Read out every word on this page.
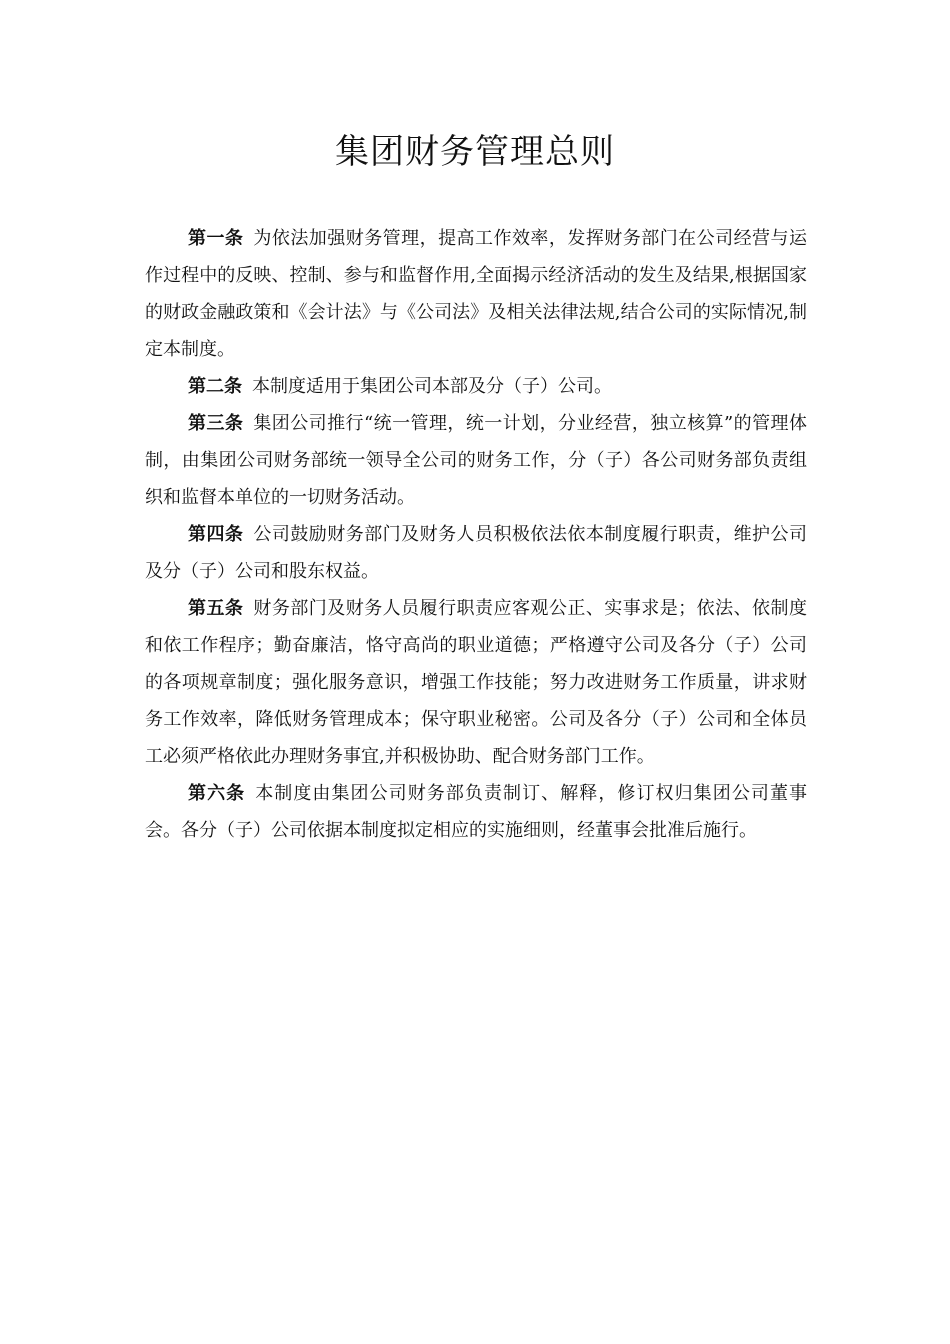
集团财务管理总则

第一条 为依法加强财务管理，提高工作效率，发挥财务部门在公司经营与运作过程中的反映、控制、参与和监督作用,全面揭示经济活动的发生及结果,根据国家的财政金融政策和《会计法》与《公司法》及相关法律法规,结合公司的实际情况,制定本制度。

第二条 本制度适用于集团公司本部及分（子）公司。

第三条 集团公司推行“统一管理，统一计划，分业经营，独立核算”的管理体制，由集团公司财务部统一领导全公司的财务工作，分（子）各公司财务部负责组织和监督本单位的一切财务活动。

第四条 公司鼓励财务部门及财务人员积极依法依本制度履行职责，维护公司及分（子）公司和股东权益。

第五条 财务部门及财务人员履行职责应客观公正、实事求是；依法、依制度和依工作程序；勤奋廉洁，恪守高尚的职业道德；严格遵守公司及各分（子）公司的各项规章制度；强化服务意识，增强工作技能；努力改进财务工作质量，讲求财务工作效率，降低财务管理成本；保守职业秘密。公司及各分（子）公司和全体员工必须严格依此办理财务事宜,并积极协助、配合财务部门工作。

第六条 本制度由集团公司财务部负责制订、解释，修订权归集团公司董事会。各分（子）公司依据本制度拟定相应的实施细则，经董事会批准后施行。
